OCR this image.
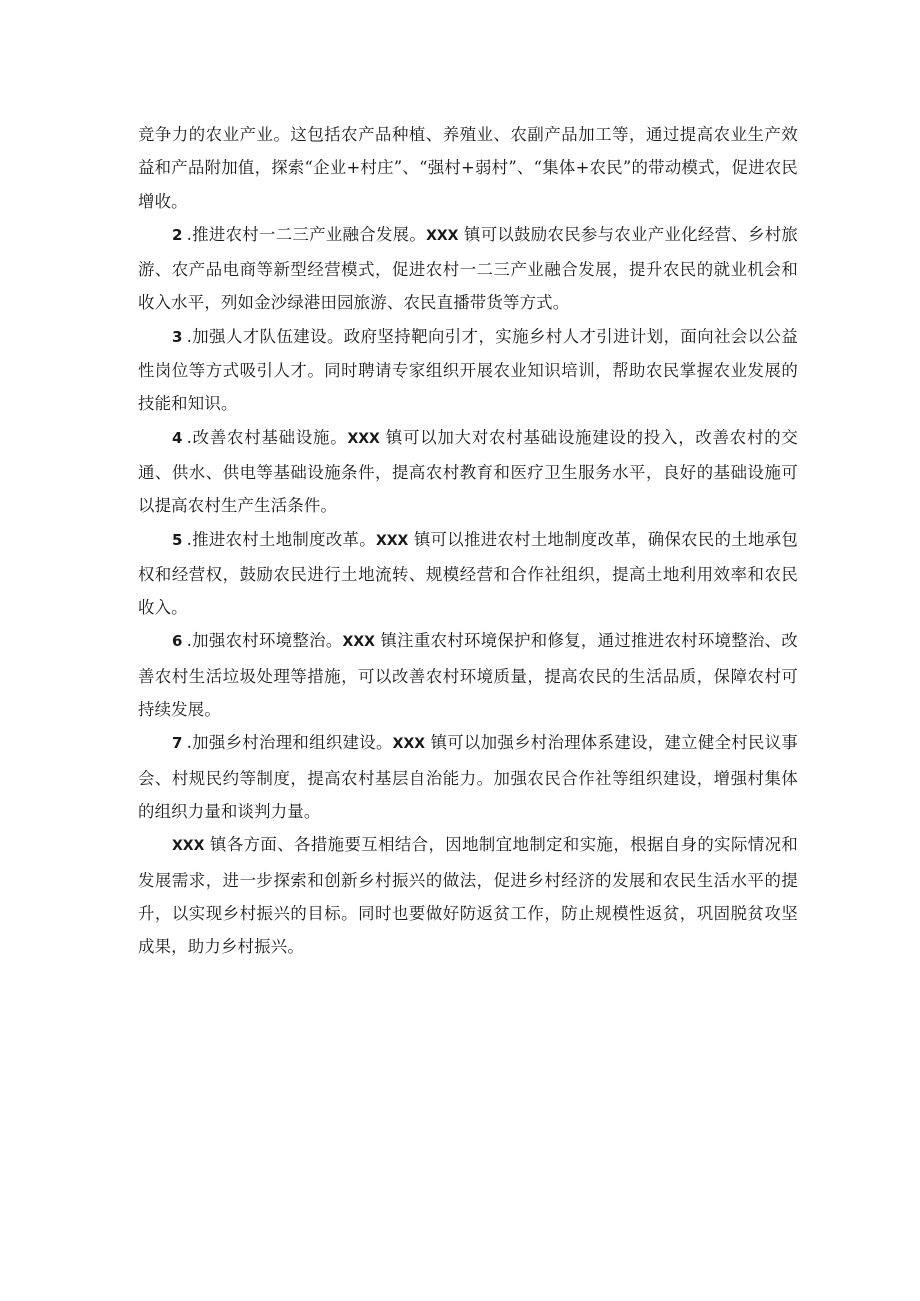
竞争力的农业产业。这包括农产品种植、养殖业、农副产品加工等，通过提高农业生产效益和产品附加值，探索“企业+村庄”、“强村+弱村”、“集体+农民”的带动模式，促进农民增收。

2 .推进农村一二三产业融合发展。XXX 镇可以鼓励农民参与农业产业化经营、乡村旅游、农产品电商等新型经营模式，促进农村一二三产业融合发展，提升农民的就业机会和收入水平，列如金沙绿港田园旅游、农民直播带货等方式。

3 .加强人才队伍建设。政府坚持靶向引才，实施乡村人才引进计划，面向社会以公益性岗位等方式吸引人才。同时聘请专家组织开展农业知识培训，帮助农民掌握农业发展的技能和知识。

4 .改善农村基础设施。XXX 镇可以加大对农村基础设施建设的投入，改善农村的交通、供水、供电等基础设施条件，提高农村教育和医疗卫生服务水平，良好的基础设施可以提高农村生产生活条件。

5 .推进农村土地制度改革。XXX 镇可以推进农村土地制度改革，确保农民的土地承包权和经营权，鼓励农民进行土地流转、规模经营和合作社组织，提高土地利用效率和农民收入。

6 .加强农村环境整治。XXX 镇注重农村环境保护和修复，通过推进农村环境整治、改善农村生活垃圾处理等措施，可以改善农村环境质量，提高农民的生活品质，保障农村可持续发展。

7 .加强乡村治理和组织建设。XXX 镇可以加强乡村治理体系建设，建立健全村民议事会、村规民约等制度，提高农村基层自治能力。加强农民合作社等组织建设，增强村集体的组织力量和谈判力量。

XXX 镇各方面、各措施要互相结合，因地制宜地制定和实施，根据自身的实际情况和发展需求，进一步探索和创新乡村振兴的做法，促进乡村经济的发展和农民生活水平的提升，以实现乡村振兴的目标。同时也要做好防返贫工作，防止规模性返贫，巩固脱贫攻坚成果，助力乡村振兴。
